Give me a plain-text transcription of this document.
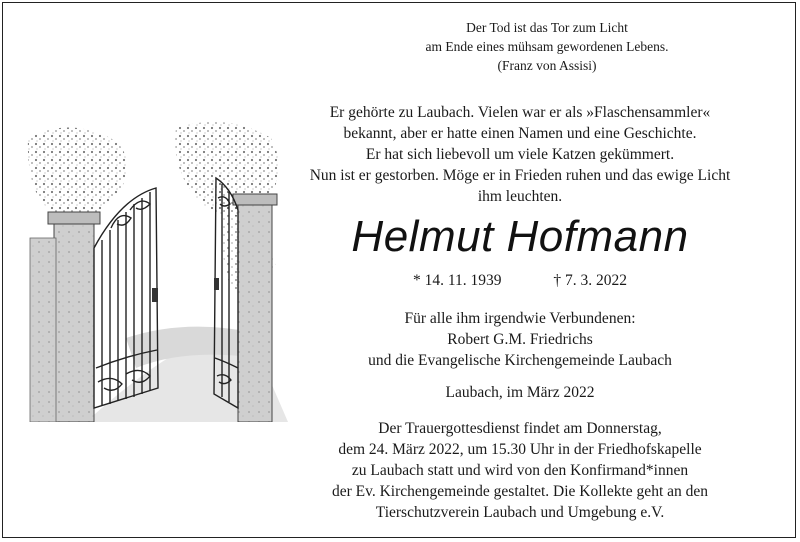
Der Tod ist das Tor zum Licht
am Ende eines mühsam gewordenen Lebens.
(Franz von Assisi)
Er gehörte zu Laubach. Vielen war er als »Flaschensammler«
bekannt, aber er hatte einen Namen und eine Geschichte.
Er hat sich liebevoll um viele Katzen gekümmert.
Nun ist er gestorben. Möge er in Frieden ruhen und das ewige Licht
ihm leuchten.
Helmut Hofmann
* 14. 11. 1939	† 7. 3. 2022
Für alle ihm irgendwie Verbundenen:
Robert G.M. Friedrichs
und die Evangelische Kirchengemeinde Laubach
Laubach, im März 2022
Der Trauergottesdienst findet am Donnerstag,
dem 24. März 2022, um 15.30 Uhr in der Friedhofskapelle
zu Laubach statt und wird von den Konfirmand*innen
der Ev. Kirchengemeinde gestaltet. Die Kollekte geht an den
Tierschutzverein Laubach und Umgebung e.V.
